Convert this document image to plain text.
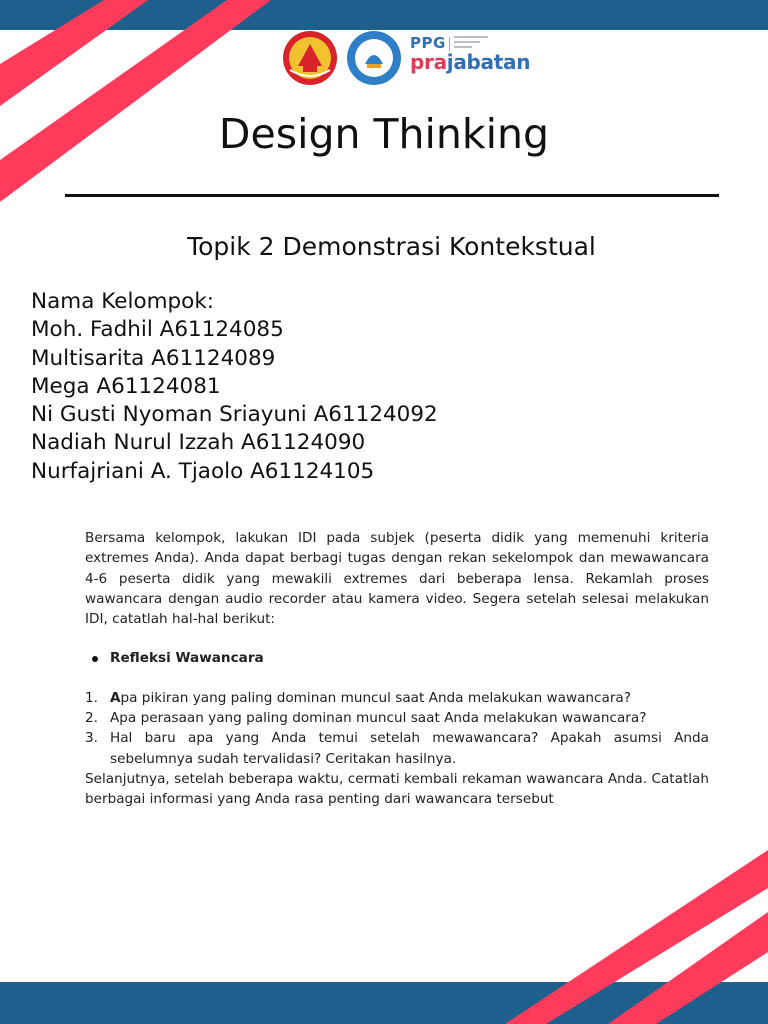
PPG
prajabatan
Design Thinking
Topik 2 Demonstrasi Kontekstual
Nama Kelompok:
Moh. Fadhil A61124085
Multisarita A61124089
Mega A61124081
Ni Gusti Nyoman Sriayuni A61124092
Nadiah Nurul Izzah A61124090
Nurfajriani A. Tjaolo A61124105
Bersama kelompok, lakukan IDI pada subjek (peserta didik yang memenuhi kriteria extremes Anda). Anda dapat berbagi tugas dengan rekan sekelompok dan mewawancara 4-6 peserta didik yang mewakili extremes dari beberapa lensa. Rekamlah proses wawancara dengan audio recorder atau kamera video. Segera setelah selesai melakukan IDI, catatlah hal-hal berikut:
Refleksi Wawancara
1. Apa pikiran yang paling dominan muncul saat Anda melakukan wawancara?
2. Apa perasaan yang paling dominan muncul saat Anda melakukan wawancara?
3. Hal baru apa yang Anda temui setelah mewawancara? Apakah asumsi Anda sebelumnya sudah tervalidasi? Ceritakan hasilnya.
Selanjutnya, setelah beberapa waktu, cermati kembali rekaman wawancara Anda. Catatlah berbagai informasi yang Anda rasa penting dari wawancara tersebut
